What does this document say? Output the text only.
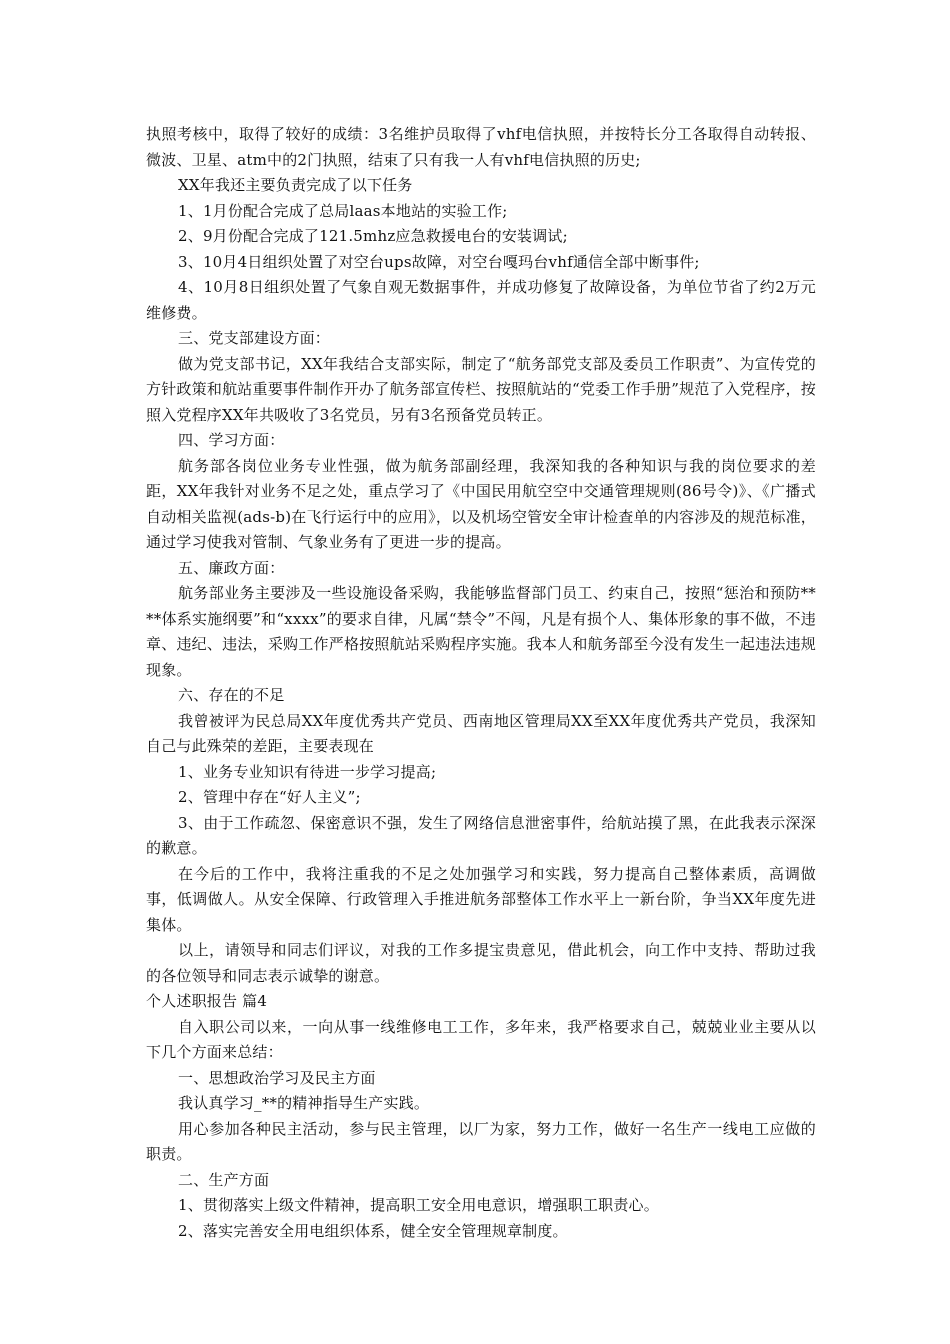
执照考核中，取得了较好的成绩：3名维护员取得了vhf电信执照，并按特长分工各取得自动转报、微波、卫星、atm中的2门执照，结束了只有我一人有vhf电信执照的历史;

XX年我还主要负责完成了以下任务

1、1月份配合完成了总局laas本地站的实验工作;

2、9月份配合完成了121.5mhz应急救援电台的安装调试;

3、10月4日组织处置了对空台ups故障，对空台嘎玛台vhf通信全部中断事件;

4、10月8日组织处置了气象自观无数据事件，并成功修复了故障设备，为单位节省了约2万元维修费。

三、党支部建设方面：

做为党支部书记，XX年我结合支部实际，制定了“航务部党支部及委员工作职责”、为宣传党的方针政策和航站重要事件制作开办了航务部宣传栏、按照航站的“党委工作手册”规范了入党程序，按照入党程序XX年共吸收了3名党员，另有3名预备党员转正。

四、学习方面：

航务部各岗位业务专业性强，做为航务部副经理，我深知我的各种知识与我的岗位要求的差距，XX年我针对业务不足之处，重点学习了《中国民用航空空中交通管理规则(86号令)》、《广播式自动相关监视(ads-b)在飞行运行中的应用》，以及机场空管安全审计检查单的内容涉及的规范标准，通过学习使我对管制、气象业务有了更进一步的提高。

五、廉政方面：

航务部业务主要涉及一些设施设备采购，我能够监督部门员工、约束自己，按照“惩治和预防****体系实施纲要”和“xxxx”的要求自律，凡属“禁令”不闯，凡是有损个人、集体形象的事不做，不违章、违纪、违法，采购工作严格按照航站采购程序实施。我本人和航务部至今没有发生一起违法违规现象。

六、存在的不足

我曾被评为民总局XX年度优秀共产党员、西南地区管理局XX至XX年度优秀共产党员，我深知自己与此殊荣的差距，主要表现在

1、业务专业知识有待进一步学习提高;

2、管理中存在“好人主义”;

3、由于工作疏忽、保密意识不强，发生了网络信息泄密事件，给航站摸了黑，在此我表示深深的歉意。

在今后的工作中，我将注重我的不足之处加强学习和实践，努力提高自己整体素质，高调做事，低调做人。从安全保障、行政管理入手推进航务部整体工作水平上一新台阶，争当XX年度先进集体。

以上，请领导和同志们评议，对我的工作多提宝贵意见，借此机会，向工作中支持、帮助过我的各位领导和同志表示诚挚的谢意。

个人述职报告 篇4

自入职公司以来，一向从事一线维修电工工作，多年来，我严格要求自己，兢兢业业主要从以下几个方面来总结：

一、思想政治学习及民主方面

我认真学习_**的精神指导生产实践。

用心参加各种民主活动，参与民主管理，以厂为家，努力工作，做好一名生产一线电工应做的职责。

二、生产方面

1、贯彻落实上级文件精神，提高职工安全用电意识，增强职工职责心。

2、落实完善安全用电组织体系，健全安全管理规章制度。
